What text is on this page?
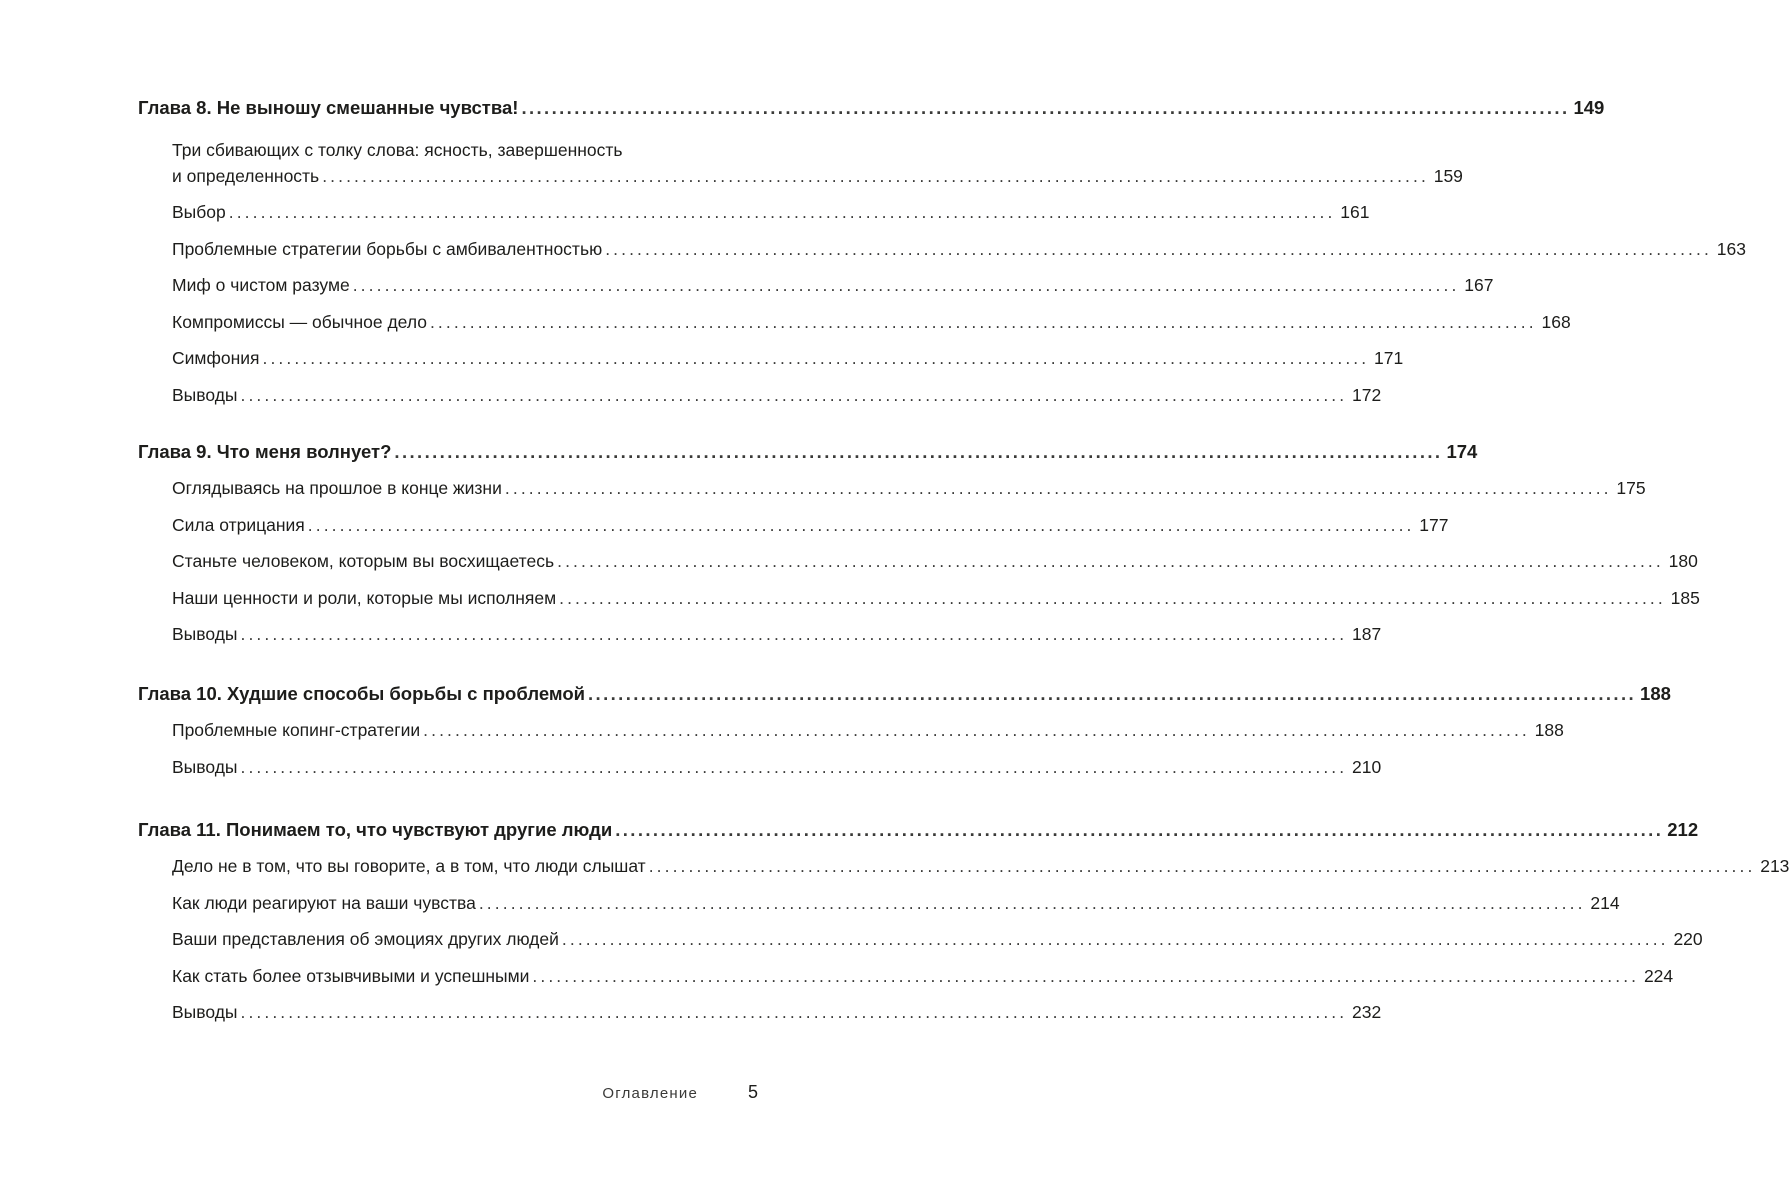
Глава 8. Не выношу смешанные чувства! ........................................................................................................................................... 149
Три сбивающих с толку слова: ясность, завершенность
и определенность ........................................................................................................................................... 159
Выбор ........................................................................................................................................... 161
Проблемные стратегии борьбы с амбивалентностью ........................................................................................................................................... 163
Миф о чистом разуме ........................................................................................................................................... 167
Компромиссы — обычное дело ........................................................................................................................................... 168
Симфония ........................................................................................................................................... 171
Выводы ........................................................................................................................................... 172
Глава 9. Что меня волнует? ........................................................................................................................................... 174
Оглядываясь на прошлое в конце жизни ........................................................................................................................................... 175
Сила отрицания ........................................................................................................................................... 177
Станьте человеком, которым вы восхищаетесь ........................................................................................................................................... 180
Наши ценности и роли, которые мы исполняем ........................................................................................................................................... 185
Выводы ........................................................................................................................................... 187
Глава 10. Худшие способы борьбы с проблемой ........................................................................................................................................... 188
Проблемные копинг-стратегии ........................................................................................................................................... 188
Выводы ........................................................................................................................................... 210
Глава 11. Понимаем то, что чувствуют другие люди ........................................................................................................................................... 212
Дело не в том, что вы говорите, а в том, что люди слышат ........................................................................................................................................... 213
Как люди реагируют на ваши чувства ........................................................................................................................................... 214
Ваши представления об эмоциях других людей ........................................................................................................................................... 220
Как стать более отзывчивыми и успешными ........................................................................................................................................... 224
Выводы ........................................................................................................................................... 232
Оглавление	5
